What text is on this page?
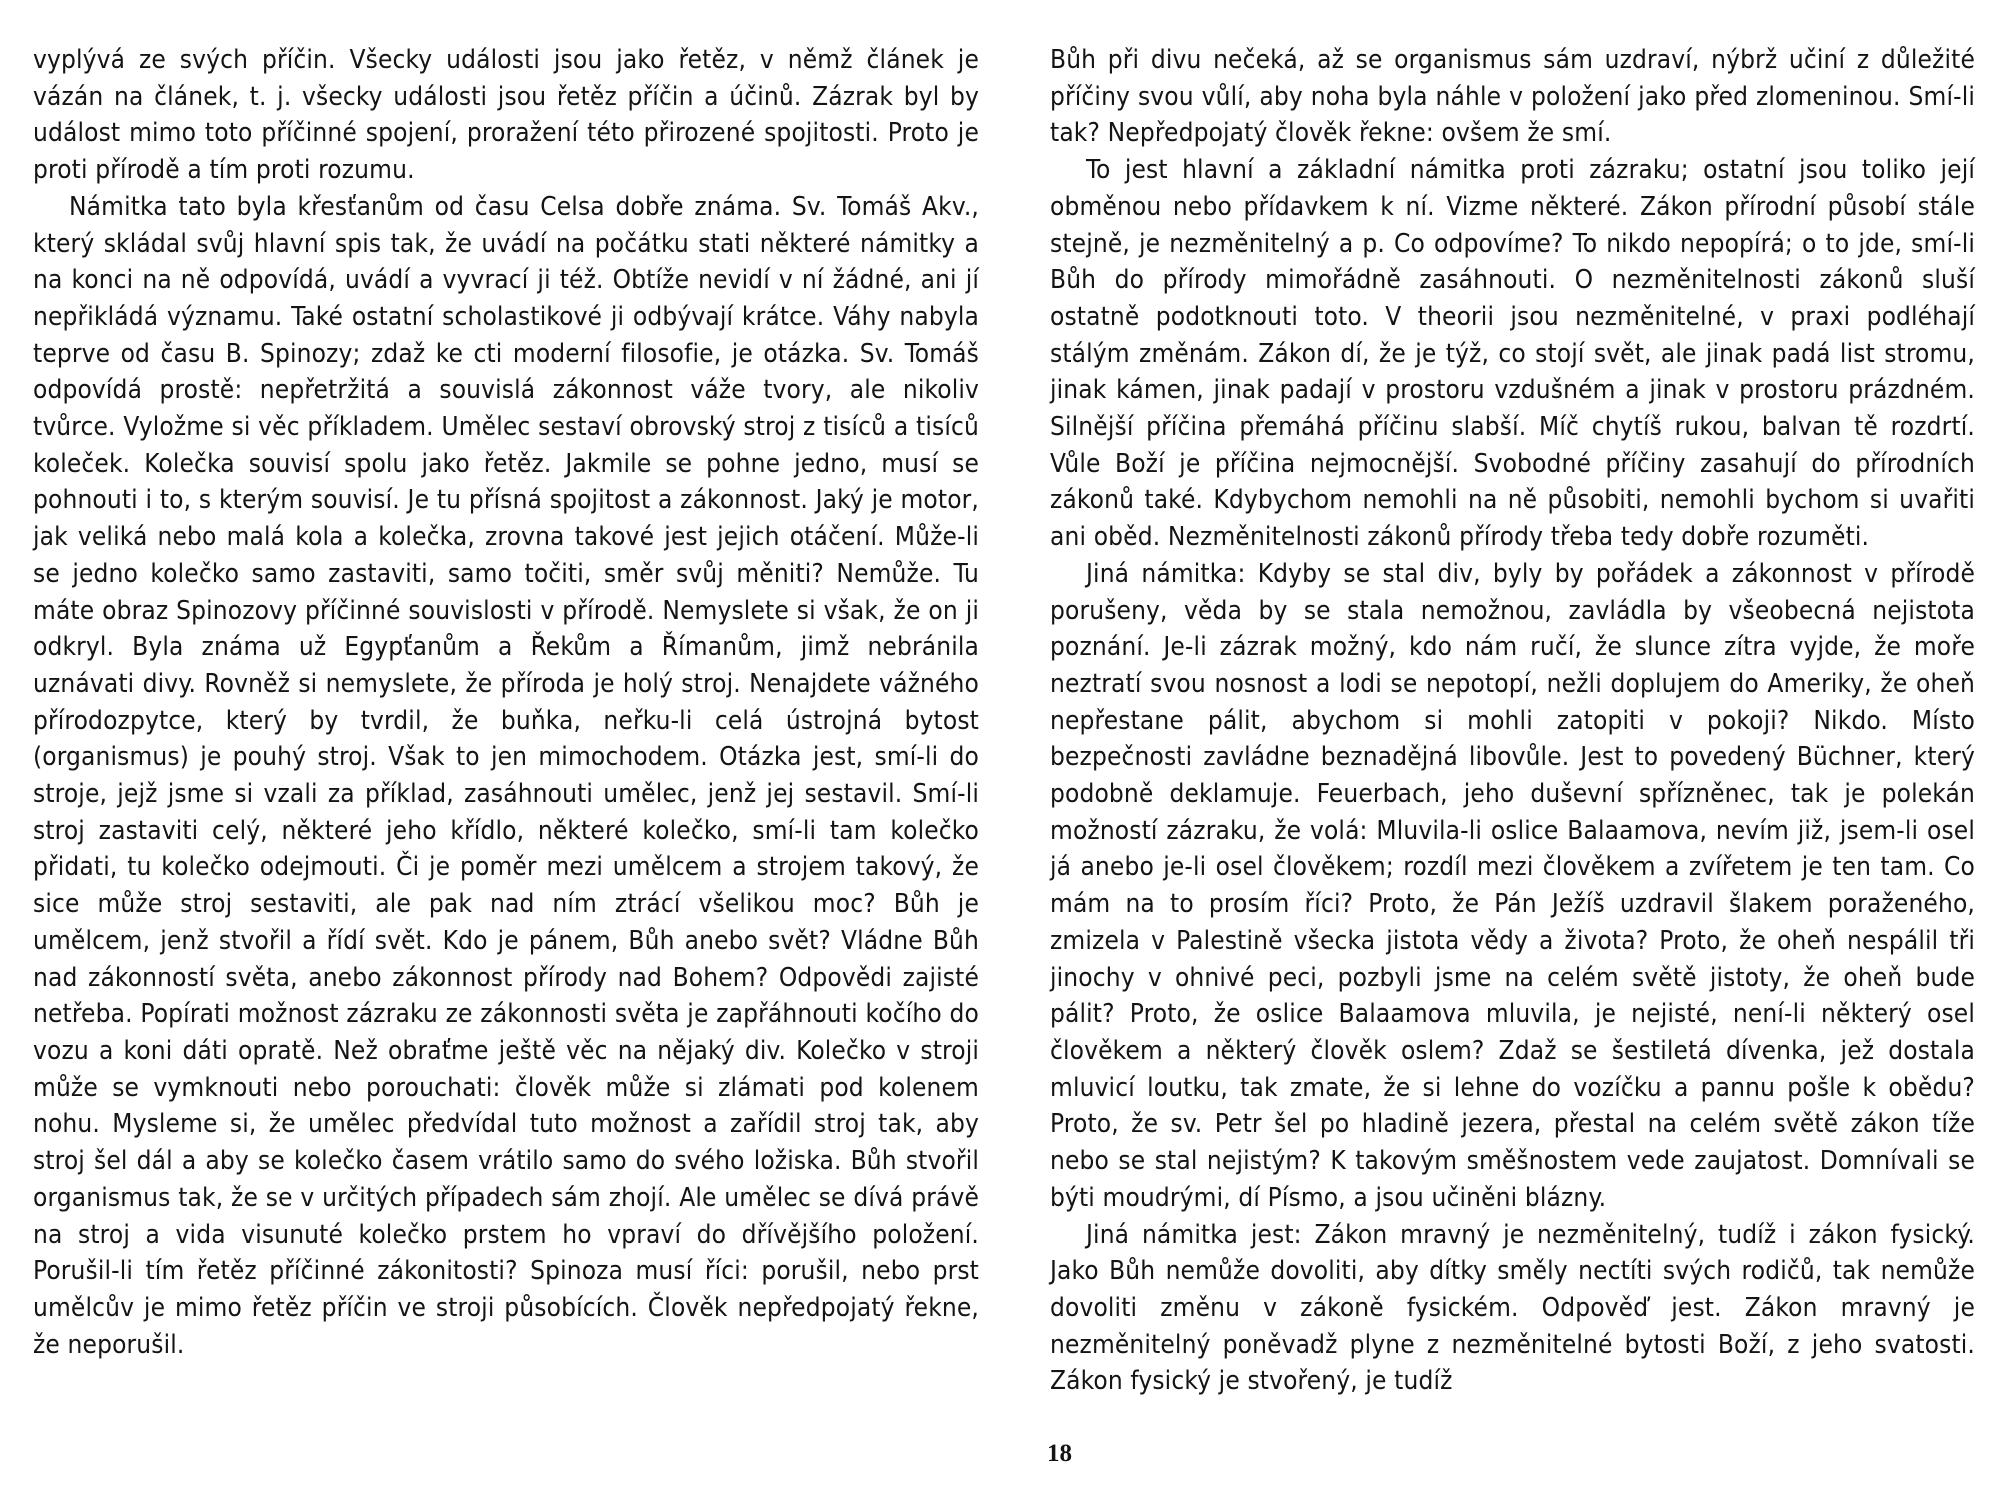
vyplývá ze svých příčin. Všecky události jsou jako řetěz, v němž článek je vázán na článek, t. j. všecky události jsou řetěz příčin a účinů. Zázrak byl by událost mimo toto příčinné spojení, proražení této přirozené spojitosti. Proto je proti přírodě a tím proti rozumu.

Námitka tato byla křesťanům od času Celsa dobře známa. Sv. Tomáš Akv., který skládal svůj hlavní spis tak, že uvádí na počátku stati některé námitky a na konci na ně odpovídá, uvádí a vyvrací ji též. Obtíže nevidí v ní žádné, ani jí nepřikládá významu. Také ostatní scholastikové ji odbývají krátce. Váhy nabyla teprve od času B. Spinozy; zdaž ke cti moderní filosofie, je otázka. Sv. Tomáš odpovídá prostě: nepřetržitá a souvislá zákonnost váže tvory, ale nikoliv tvůrce. Vyložme si věc příkladem. Umělec sestaví obrovský stroj z tisíců a tisíců koleček. Kolečka souvisí spolu jako řetěz. Jakmile se pohne jedno, musí se pohnouti i to, s kterým souvisí. Je tu přísná spojitost a zákonnost. Jaký je motor, jak veliká nebo malá kola a kolečka, zrovna takové jest jejich otáčení. Může-li se jedno kolečko samo zastaviti, samo točiti, směr svůj měniti? Nemůže. Tu máte obraz Spinozovy příčinné souvislosti v přírodě. Nemyslete si však, že on ji odkryl. Byla známa už Egypťanům a Řekům a Římanům, jimž nebránila uznávati divy. Rovněž si nemyslete, že příroda je holý stroj. Nenajdete vážného přírodozpytce, který by tvrdil, že buňka, neřku-li celá ústrojná bytost (organismus) je pouhý stroj. Však to jen mimochodem. Otázka jest, smí-li do stroje, jejž jsme si vzali za příklad, zasáhnouti umělec, jenž jej sestavil. Smí-li stroj zastaviti celý, některé jeho křídlo, některé kolečko, smí-li tam kolečko přidati, tu kolečko odejmouti. Či je poměr mezi umělcem a strojem takový, že sice může stroj sestaviti, ale pak nad ním ztrácí všelikou moc? Bůh je umělcem, jenž stvořil a řídí svět. Kdo je pánem, Bůh anebo svět? Vládne Bůh nad zákonností světa, anebo zákonnost přírody nad Bohem? Odpovědi zajisté netřeba. Popírati možnost zázraku ze zákonnosti světa je zapřáhnouti kočího do vozu a koni dáti opratě. Než obraťme ještě věc na nějaký div. Kolečko v stroji může se vymknouti nebo porouchati: člověk může si zlámati pod kolenem nohu. Mysleme si, že umělec předvídal tuto možnost a zařídil stroj tak, aby stroj šel dál a aby se kolečko časem vrátilo samo do svého ložiska. Bůh stvořil organismus tak, že se v určitých případech sám zhojí. Ale umělec se dívá právě na stroj a vida visunuté kolečko prstem ho vpraví do dřívějšího položení. Porušil-li tím řetěz příčinné zákonitosti? Spinoza musí říci: porušil, nebo prst umělcův je mimo řetěz příčin ve stroji působících. Člověk nepředpojatý řekne, že neporušil.

Bůh při divu nečeká, až se organismus sám uzdraví, nýbrž učiní z důležité příčiny svou vůlí, aby noha byla náhle v položení jako před zlomeninou. Smí-li tak? Nepředpojatý člověk řekne: ovšem že smí.

To jest hlavní a základní námitka proti zázraku; ostatní jsou toliko její obměnou nebo přídavkem k ní. Vizme některé. Zákon přírodní působí stále stejně, je nezměnitelný a p. Co odpovíme? To nikdo nepopírá; o to jde, smí-li Bůh do přírody mimořádně zasáhnouti. O nezměnitelnosti zákonů sluší ostatně podotknouti toto. V theorii jsou nezměnitelné, v praxi podléhají stálým změnám. Zákon dí, že je týž, co stojí svět, ale jinak padá list stromu, jinak kámen, jinak padají v prostoru vzdušném a jinak v prostoru prázdném. Silnější příčina přemáhá příčinu slabší. Míč chytíš rukou, balvan tě rozdrtí. Vůle Boží je příčina nejmocnější. Svobodné příčiny zasahují do přírodních zákonů také. Kdybychom nemohli na ně působiti, nemohli bychom si uvařiti ani oběd. Nezměnitelnosti zákonů přírody třeba tedy dobře rozuměti.

Jiná námitka: Kdyby se stal div, byly by pořádek a zákonnost v přírodě porušeny, věda by se stala nemožnou, zavládla by všeobecná nejistota poznání. Je-li zázrak možný, kdo nám ručí, že slunce zítra vyjde, že moře neztratí svou nosnost a lodi se nepotopí, nežli doplujem do Ameriky, že oheň nepřestane pálit, abychom si mohli zatopiti v pokoji? Nikdo. Místo bezpečnosti zavládne beznadějná libovůle. Jest to povedený Büchner, který podobně deklamuje. Feuerbach, jeho duševní spřízněnec, tak je polekán možností zázraku, že volá: Mluvila-li oslice Balaamova, nevím již, jsem-li osel já anebo je-li osel člověkem; rozdíl mezi člověkem a zvířetem je ten tam. Co mám na to prosím říci? Proto, že Pán Ježíš uzdravil šlakem poraženého, zmizela v Palestině všecka jistota vědy a života? Proto, že oheň nespálil tři jinochy v ohnivé peci, pozbyli jsme na celém světě jistoty, že oheň bude pálit? Proto, že oslice Balaamova mluvila, je nejisté, není-li některý osel člověkem a některý člověk oslem? Zdaž se šestiletá dívenka, jež dostala mluvicí loutku, tak zmate, že si lehne do vozíčku a pannu pošle k obědu? Proto, že sv. Petr šel po hladině jezera, přestal na celém světě zákon tíže nebo se stal nejistým? K takovým směšnostem vede zaujatost. Domnívali se býti moudrými, dí Písmo, a jsou učiněni blázny.

Jiná námitka jest: Zákon mravný je nezměnitelný, tudíž i zákon fysický. Jako Bůh nemůže dovoliti, aby dítky směly nectíti svých rodičů, tak nemůže dovoliti změnu v zákoně fysickém. Odpověď jest. Zákon mravný je nezměnitelný poněvadž plyne z nezměnitelné bytosti Boží, z jeho svatosti. Zákon fysický je stvořený, je tudíž

18
